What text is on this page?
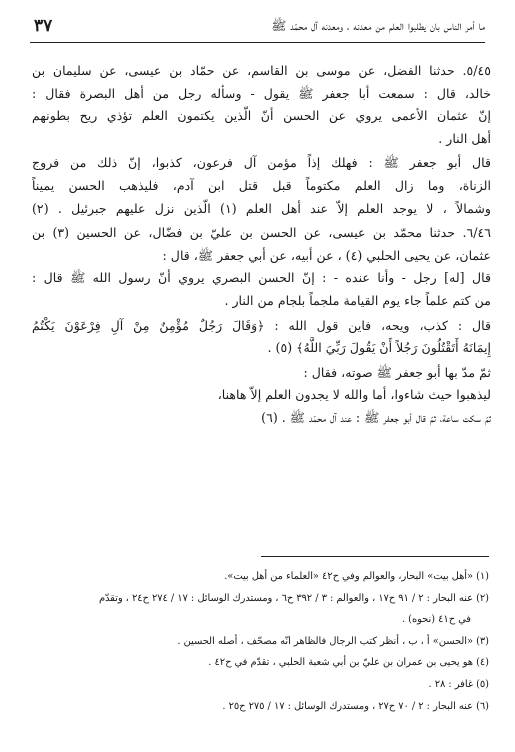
ما أمر الناس بان يطلبوا العلم من معدنه ، ومعدنه آل محمّد ﷺ
٣٧
٥/٤٥. حدثنا الفضل، عن موسى بن القاسم، عن حمّاد بن عيسى، عن سليمان بن
خالد، قال : سمعت أبا جعفر ﷺ يقول - وسأله رجل من أهل البصرة فقال :
إنّ عثمان الأعمى يروي عن الحسن أنّ الّذين يكتمون العلم تؤذي ريح بطونهم
أهل النار .
قال أبو جعفر ﷺ : فهلك إذاً مؤمن آل فرعون، كذبوا، إنّ ذلك من فروج
الزناة، وما زال العلم مكتوماً قبل قتل ابن آدم، فليذهب الحسن يميناً
وشمالاً ، لا يوجد العلم إلاّ عند أهل العلم (١) الّذين نزل عليهم جبرئيل . (٢)
٦/٤٦. حدثنا محمّد بن عيسى، عن الحسن بن عليّ بن فضّال، عن الحسين (٣) بن
عثمان، عن يحيى الحلبي (٤) ، عن أبيه، عن أبي جعفر ﷺ، قال :
قال [له] رجل - وأنا عنده - : إنّ الحسن البصري يروي أنّ رسول الله ﷺ قال :
من كتم علماً جاء يوم القيامة ملجماً بلجام من النار .
قال : كذب، ويحه، فاين قول الله : ﴿وَقَالَ رَجُلٌ مُؤْمِنٌ مِنْ آلِ فِرْعَوْنَ يَكْتُمُ
إِيمَانَهُ أَتَقْتُلُونَ رَجُلاً أَنْ يَقُولَ رَبِّيَ اللَّهُ﴾ (٥) .
ثمّ مدّ بها أبو جعفر ﷺ صوته، فقال :
ليذهبوا حيث شاءوا، أما والله لا يجدون العلم إلاّ هاهنا،
ثمّ سكت ساعة، ثمّ قال أبو جعفر ﷺ : عند آل محمّد ﷺ . (٦)
(١) «أهل بيت» البحار، والعوالم وفي ح٤٢ «العلماء من أهل بيت».
(٢) عنه البحار : ٢ / ٩١ ح١٧ ، والعوالم : ٣ / ٣٩٢ ح٦ ، ومستدرك الوسائل : ١٧ / ٢٧٤ ح٢٤ ، وتقدّم
في ح٤١ (نحوه) .
(٣) «الحسن» أ ، ب ، أنظر كتب الرجال فالظاهر انّه مصحّف ، أصله الحسين .
(٤) هو يحيى بن عمران بن عليّ بن أبي شعبة الحلبي ، تقدّم في ح٤٢ .
(٥) غافر : ٢٨ .
(٦) عنه البحار : ٢ / ٧٠ ح٢٧ ، ومستدرك الوسائل : ١٧ / ٢٧٥ ح٢٥ .
